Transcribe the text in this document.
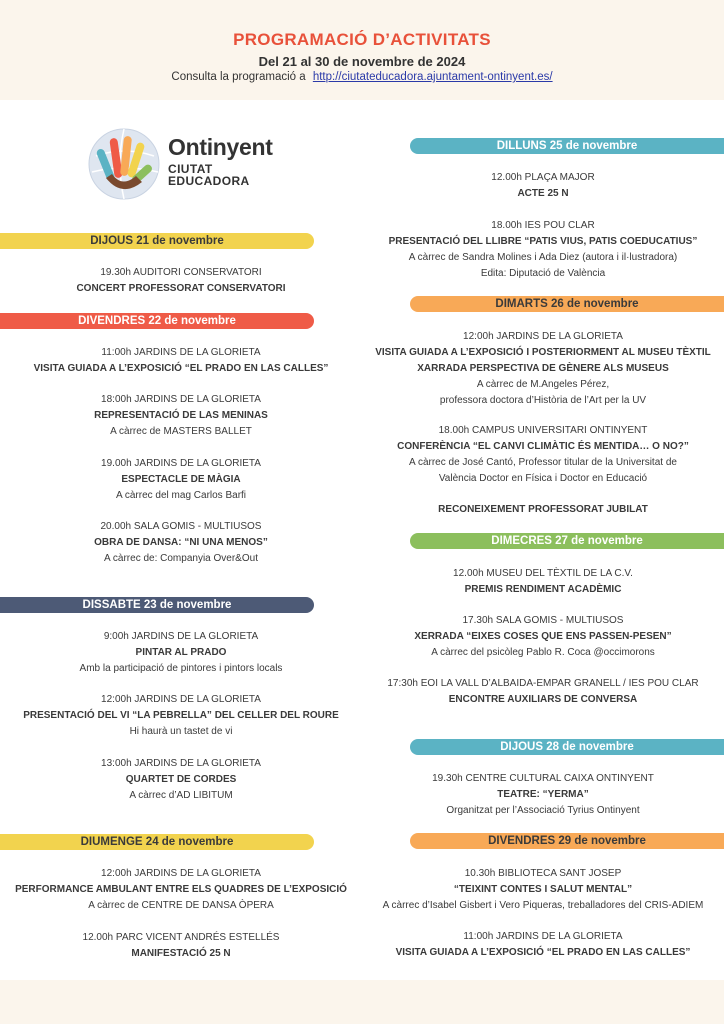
PROGRAMACIÓ D’ACTIVITATS
Del 21 al 30 de novembre de 2024
Consulta la programació a http://ciutateducadora.ajuntament-ontinyent.es/
Ontinyent
CIUTAT
EDUCADORA
DIJOUS 21 de novembre
19.30h AUDITORI CONSERVATORI
CONCERT PROFESSORAT CONSERVATORI
DIVENDRES 22 de novembre
11:00h JARDINS DE LA GLORIETA
VISITA GUIADA A L’EXPOSICIÓ “EL PRADO EN LAS CALLES”
18:00h JARDINS DE LA GLORIETA
REPRESENTACIÓ DE LAS MENINAS
A càrrec de MASTERS BALLET
19.00h JARDINS DE LA GLORIETA
ESPECTACLE DE MÀGIA
A càrrec del mag Carlos Barfi
20.00h SALA GOMIS - MULTIUSOS
OBRA DE DANSA: “NI UNA MENOS”
A càrrec de: Companyia Over&Out
DISSABTE 23 de novembre
9:00h JARDINS DE LA GLORIETA
PINTAR AL PRADO
Amb la participació de pintores i pintors locals
12:00h JARDINS DE LA GLORIETA
PRESENTACIÓ DEL VI “LA PEBRELLA” DEL CELLER DEL ROURE
Hi haurà un tastet de vi
13:00h JARDINS DE LA GLORIETA
QUARTET DE CORDES
A càrrec d’AD LIBITUM
DIUMENGE 24 de novembre
12:00h JARDINS DE LA GLORIETA
PERFORMANCE AMBULANT ENTRE ELS QUADRES DE L’EXPOSICIÓ
A càrrec de CENTRE DE DANSA ÒPERA
12.00h PARC VICENT ANDRÉS ESTELLÉS
MANIFESTACIÓ 25 N
DILLUNS 25 de novembre
12.00h PLAÇA MAJOR
ACTE 25 N
18.00h IES POU CLAR
PRESENTACIÓ DEL LLIBRE “PATIS VIUS, PATIS COEDUCATIUS”
A càrrec de Sandra Molines i Ada Diez (autora i il·lustradora)
Edita: Diputació de València
DIMARTS 26 de novembre
12:00h JARDINS DE LA GLORIETA
VISITA GUIADA A L’EXPOSICIÓ I POSTERIORMENT AL MUSEU TÈXTIL
XARRADA PERSPECTIVA DE GÈNERE ALS MUSEUS
A càrrec de M.Angeles Pérez,
professora doctora d’Història de l’Art per la UV
18.00h CAMPUS UNIVERSITARI ONTINYENT
CONFERÈNCIA “EL CANVI CLIMÀTIC ÉS MENTIDA… O NO?”
A càrrec de José Cantó, Professor titular de la Universitat de
València Doctor en Física i Doctor en Educació
RECONEIXEMENT PROFESSORAT JUBILAT
DIMECRES 27 de novembre
12.00h MUSEU DEL TÈXTIL DE LA C.V.
PREMIS RENDIMENT ACADÈMIC
17.30h SALA GOMIS - MULTIUSOS
XERRADA “EIXES COSES QUE ENS PASSEN-PESEN”
A càrrec del psicòleg Pablo R. Coca @occimorons
17:30h EOI LA VALL D’ALBAIDA-EMPAR GRANELL / IES POU CLAR
ENCONTRE AUXILIARS DE CONVERSA
DIJOUS 28 de novembre
19.30h CENTRE CULTURAL CAIXA ONTINYENT
TEATRE: “YERMA”
Organitzat per l’Associació Tyrius Ontinyent
DIVENDRES 29 de novembre
10.30h BIBLIOTECA SANT JOSEP
“TEIXINT CONTES I SALUT MENTAL”
A càrrec d’Isabel Gisbert i Vero Piqueras, treballadores del CRIS-ADIEM
11:00h JARDINS DE LA GLORIETA
VISITA GUIADA A L’EXPOSICIÓ “EL PRADO EN LAS CALLES”
